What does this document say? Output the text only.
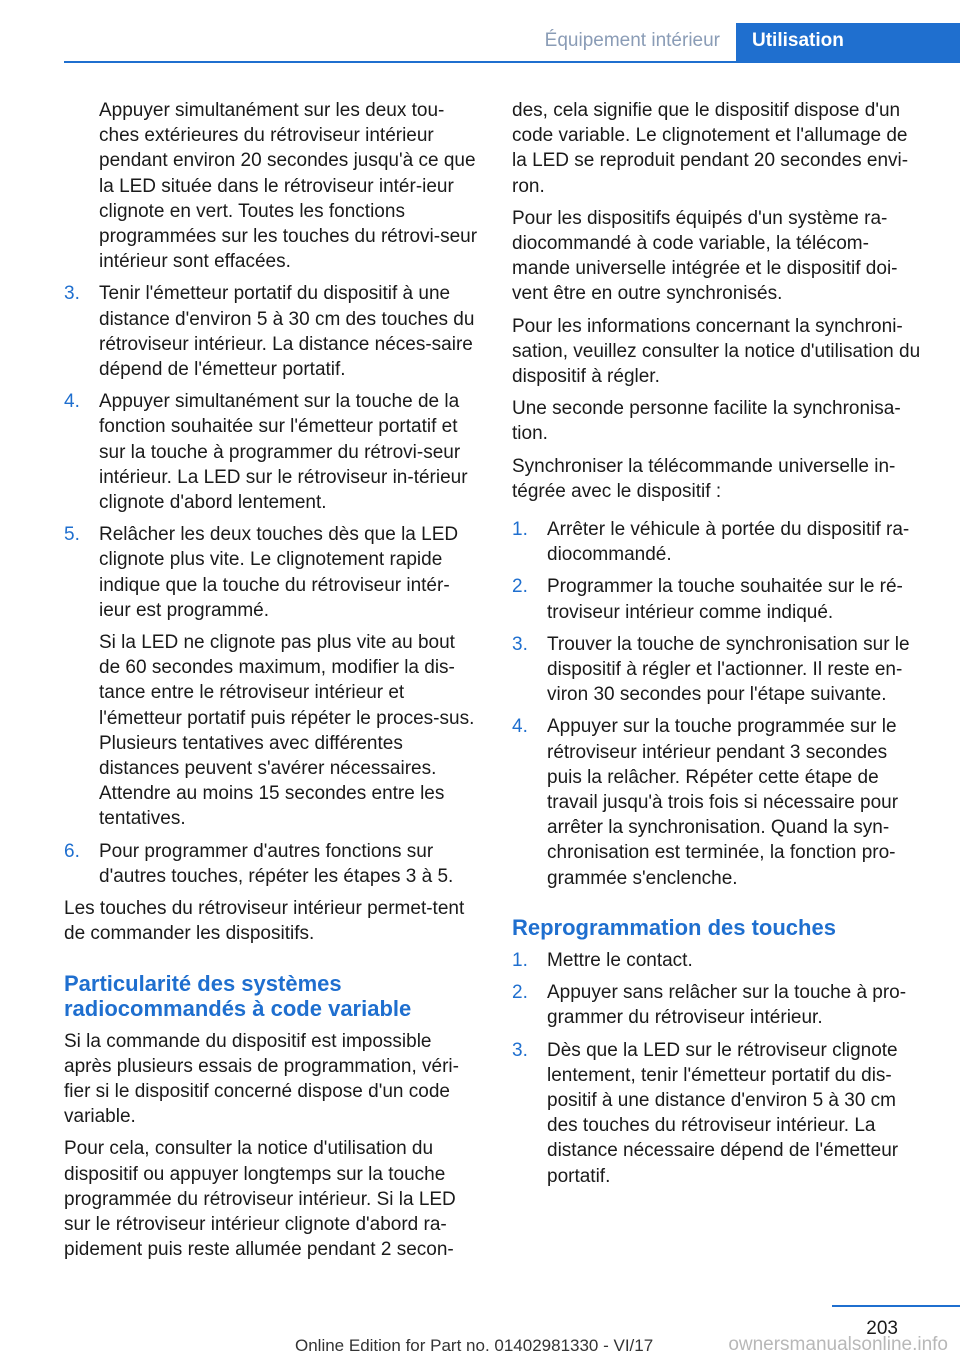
Équipement intérieur	Utilisation

Appuyer simultanément sur les deux tou‐ches extérieures du rétroviseur intérieur pendant environ 20 secondes jusqu'à ce que la LED située dans le rétroviseur intér‐ieur clignote en vert. Toutes les fonctions programmées sur les touches du rétrovi‐seur intérieur sont effacées.

3. Tenir l'émetteur portatif du dispositif à une distance d'environ 5 à 30 cm des touches du rétroviseur intérieur. La distance néces‐saire dépend de l'émetteur portatif.
4. Appuyer simultanément sur la touche de la fonction souhaitée sur l'émetteur portatif et sur la touche à programmer du rétrovi‐seur intérieur. La LED sur le rétroviseur in‐térieur clignote d'abord lentement.
5. Relâcher les deux touches dès que la LED clignote plus vite. Le clignotement rapide indique que la touche du rétroviseur intér‐ieur est programmé.
Si la LED ne clignote pas plus vite au bout de 60 secondes maximum, modifier la dis‐tance entre le rétroviseur intérieur et l'émetteur portatif puis répéter le proces‐sus. Plusieurs tentatives avec différentes distances peuvent s'avérer nécessaires. Attendre au moins 15 secondes entre les tentatives.
6. Pour programmer d'autres fonctions sur d'autres touches, répéter les étapes 3 à 5.

Les touches du rétroviseur intérieur permet‐tent de commander les dispositifs.

Particularité des systèmes radiocommandés à code variable

Si la commande du dispositif est impossible après plusieurs essais de programmation, véri‐fier si le dispositif concerné dispose d'un code variable.

Pour cela, consulter la notice d'utilisation du dispositif ou appuyer longtemps sur la touche programmée du rétroviseur intérieur. Si la LED sur le rétroviseur intérieur clignote d'abord ra‐pidement puis reste allumée pendant 2 secon‐

des, cela signifie que le dispositif dispose d'un code variable. Le clignotement et l'allumage de la LED se reproduit pendant 20 secondes envi‐ron.

Pour les dispositifs équipés d'un système ra‐diocommandé à code variable, la télécom‐mande universelle intégrée et le dispositif doi‐vent être en outre synchronisés.

Pour les informations concernant la synchroni‐sation, veuillez consulter la notice d'utilisation du dispositif à régler.

Une seconde personne facilite la synchronisa‐tion.

Synchroniser la télécommande universelle in‐tégrée avec le dispositif :

1. Arrêter le véhicule à portée du dispositif ra‐diocommandé.
2. Programmer la touche souhaitée sur le ré‐troviseur intérieur comme indiqué.
3. Trouver la touche de synchronisation sur le dispositif à régler et l'actionner. Il reste en‐viron 30 secondes pour l'étape suivante.
4. Appuyer sur la touche programmée sur le rétroviseur intérieur pendant 3 secondes puis la relâcher. Répéter cette étape de travail jusqu'à trois fois si nécessaire pour arrêter la synchronisation. Quand la syn‐chronisation est terminée, la fonction pro‐grammée s'enclenche.
Reprogrammation des touches
1. Mettre le contact.
2. Appuyer sans relâcher sur la touche à pro‐grammer du rétroviseur intérieur.
3. Dès que la LED sur le rétroviseur clignote lentement, tenir l'émetteur portatif du dis‐positif à une distance d'environ 5 à 30 cm des touches du rétroviseur intérieur. La distance nécessaire dépend de l'émetteur portatif.
203
Online Edition for Part no. 01402981330 - VI/17	ownersmanualsonline.info
